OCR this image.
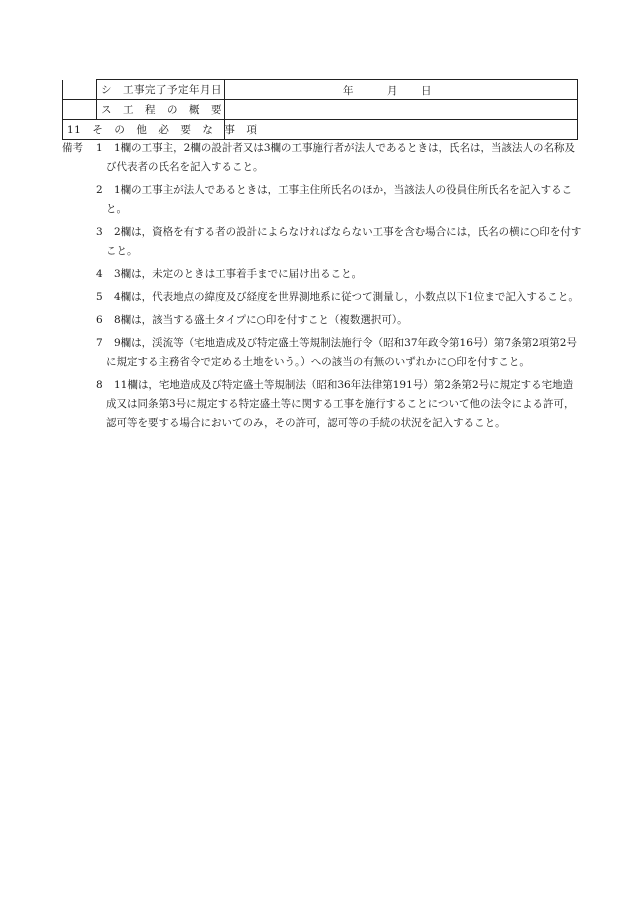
	シ　工事完了予定年月日	年 月 日

	ス　工　程　の　概　要	
11　そ　の　他　必　要　な　事　項		
備考 1	1欄の工事主，2欄の設計者又は3欄の工事施行者が法人であるときは，氏名は，当該法人の名称及び代表者の氏名を記入すること。
2	1欄の工事主が法人であるときは，工事主住所氏名のほか，当該法人の役員住所氏名を記入すること。
3	2欄は，資格を有する者の設計によらなければならない工事を含む場合には，氏名の横に○印を付すこと。
4	3欄は，未定のときは工事着手までに届け出ること。
5	4欄は，代表地点の緯度及び経度を世界測地系に従つて測量し，小数点以下1位まで記入すること。
6	8欄は，該当する盛土タイプに○印を付すこと（複数選択可）。
7	9欄は，渓流等（宅地造成及び特定盛土等規制法施行令（昭和37年政令第16号）第7条第2項第2号に規定する主務省令で定める土地をいう。）への該当の有無のいずれかに○印を付すこと。
8	11欄は，宅地造成及び特定盛土等規制法（昭和36年法律第191号）第2条第2号に規定する宅地造成又は同条第3号に規定する特定盛土等に関する工事を施行することについて他の法令による許可，認可等を要する場合においてのみ，その許可，認可等の手続の状況を記入すること。
